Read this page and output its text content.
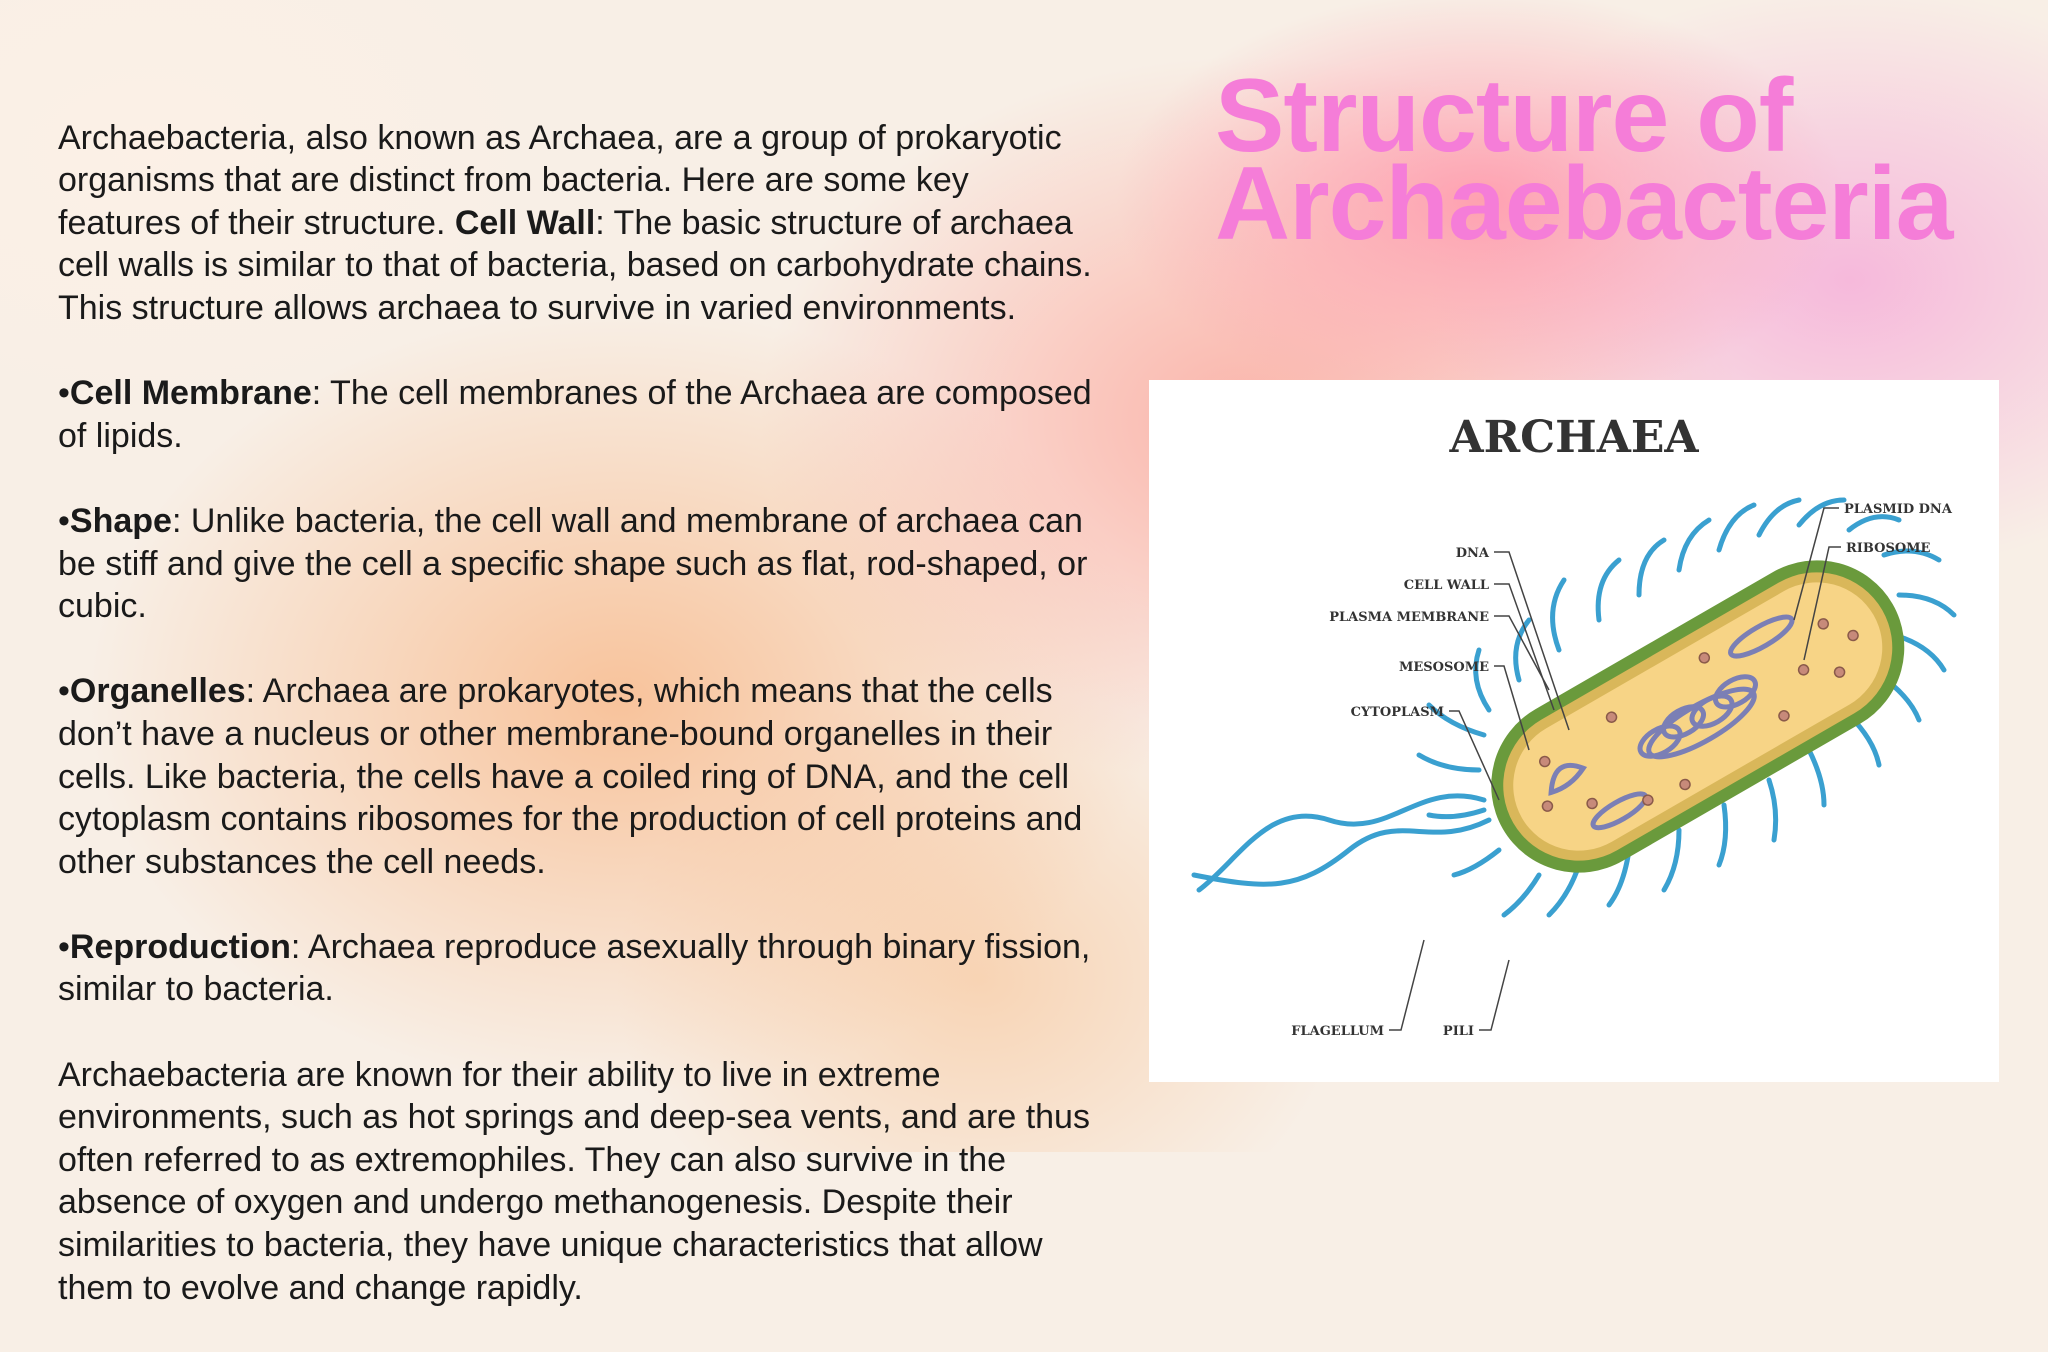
Archaebacteria, also known as Archaea, are a group of prokaryotic organisms that are distinct from bacteria. Here are some key features of their structure. Cell Wall: The basic structure of archaea cell walls is similar to that of bacteria, based on carbohydrate chains. This structure allows archaea to survive in varied environments.

•Cell Membrane: The cell membranes of the Archaea are composed of lipids.

•Shape: Unlike bacteria, the cell wall and membrane of archaea can be stiff and give the cell a specific shape such as flat, rod-shaped, or cubic.

•Organelles: Archaea are prokaryotes, which means that the cells don’t have a nucleus or other membrane-bound organelles in their cells. Like bacteria, the cells have a coiled ring of DNA, and the cell cytoplasm contains ribosomes for the production of cell proteins and other substances the cell needs.

•Reproduction: Archaea reproduce asexually through binary fission, similar to bacteria.

Archaebacteria are known for their ability to live in extreme environments, such as hot springs and deep-sea vents, and are thus often referred to as extremophiles. They can also survive in the absence of oxygen and undergo methanogenesis. Despite their similarities to bacteria, they have unique characteristics that allow them to evolve and change rapidly.

Structure of
Archaebacteria
ARCHAEA
PLASMID DNA
RIBOSOME
DNA
CELL WALL
PLASMA MEMBRANE
MESOSOME
CYTOPLASM
FLAGELLUM	PILI
